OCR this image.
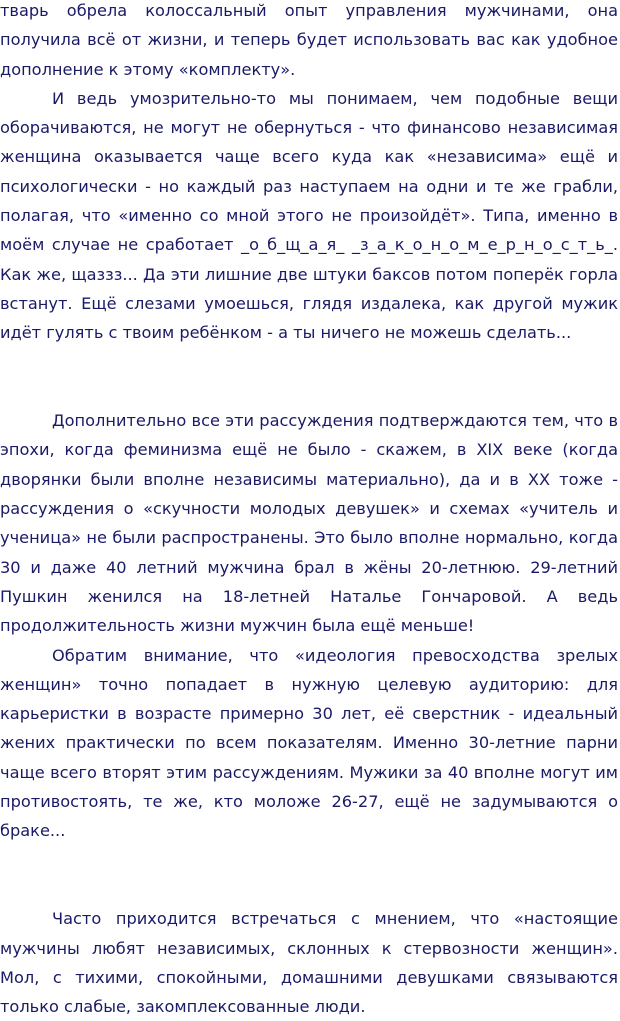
тварь обрела колоссальный опыт управления мужчинами, она получила всё от жизни, и теперь будет использовать вас как удобное дополнение к этому «комплекту».

И ведь умозрительно-то мы понимаем, чем подобные вещи оборачиваются, не могут не обернуться - что финансово независимая женщина оказывается чаще всего куда как «независима» ещё и психологически - но каждый раз наступаем на одни и те же грабли, полагая, что «именно со мной этого не произойдёт». Типа, именно в моём случае не сработает _о_б_щ_а_я_ _з_а_к_о_н_о_м_е_р_н_о_с_т_ь_. Как же, щаззз... Да эти лишние две штуки баксов потом поперёк горла встанут. Ещё слезами умоешься, глядя издалека, как другой мужик идёт гулять с твоим ребёнком - а ты ничего не можешь сделать...

Дополнительно все эти рассуждения подтверждаются тем, что в эпохи, когда феминизма ещё не было - скажем, в XIX веке (когда дворянки были вполне независимы материально), да и в XX тоже - рассуждения о «скучности молодых девушек» и схемах «учитель и ученица» не были распространены. Это было вполне нормально, когда 30 и даже 40 летний мужчина брал в жёны 20-летнюю. 29-летний Пушкин женился на 18-летней Наталье Гончаровой. А ведь продолжительность жизни мужчин была ещё меньше!

Обратим внимание, что «идеология превосходства зрелых женщин» точно попадает в нужную целевую аудиторию: для карьеристки в возрасте примерно 30 лет, её сверстник - идеальный жених практически по всем показателям. Именно 30-летние парни чаще всего вторят этим рассуждениям. Мужики за 40 вполне могут им противостоять, те же, кто моложе 26-27, ещё не задумываются о браке...

Часто приходится встречаться с мнением, что «настоящие мужчины любят независимых, склонных к стервозности женщин». Мол, с тихими, спокойными, домашними девушками связываются только слабые, закомплексованные люди.
